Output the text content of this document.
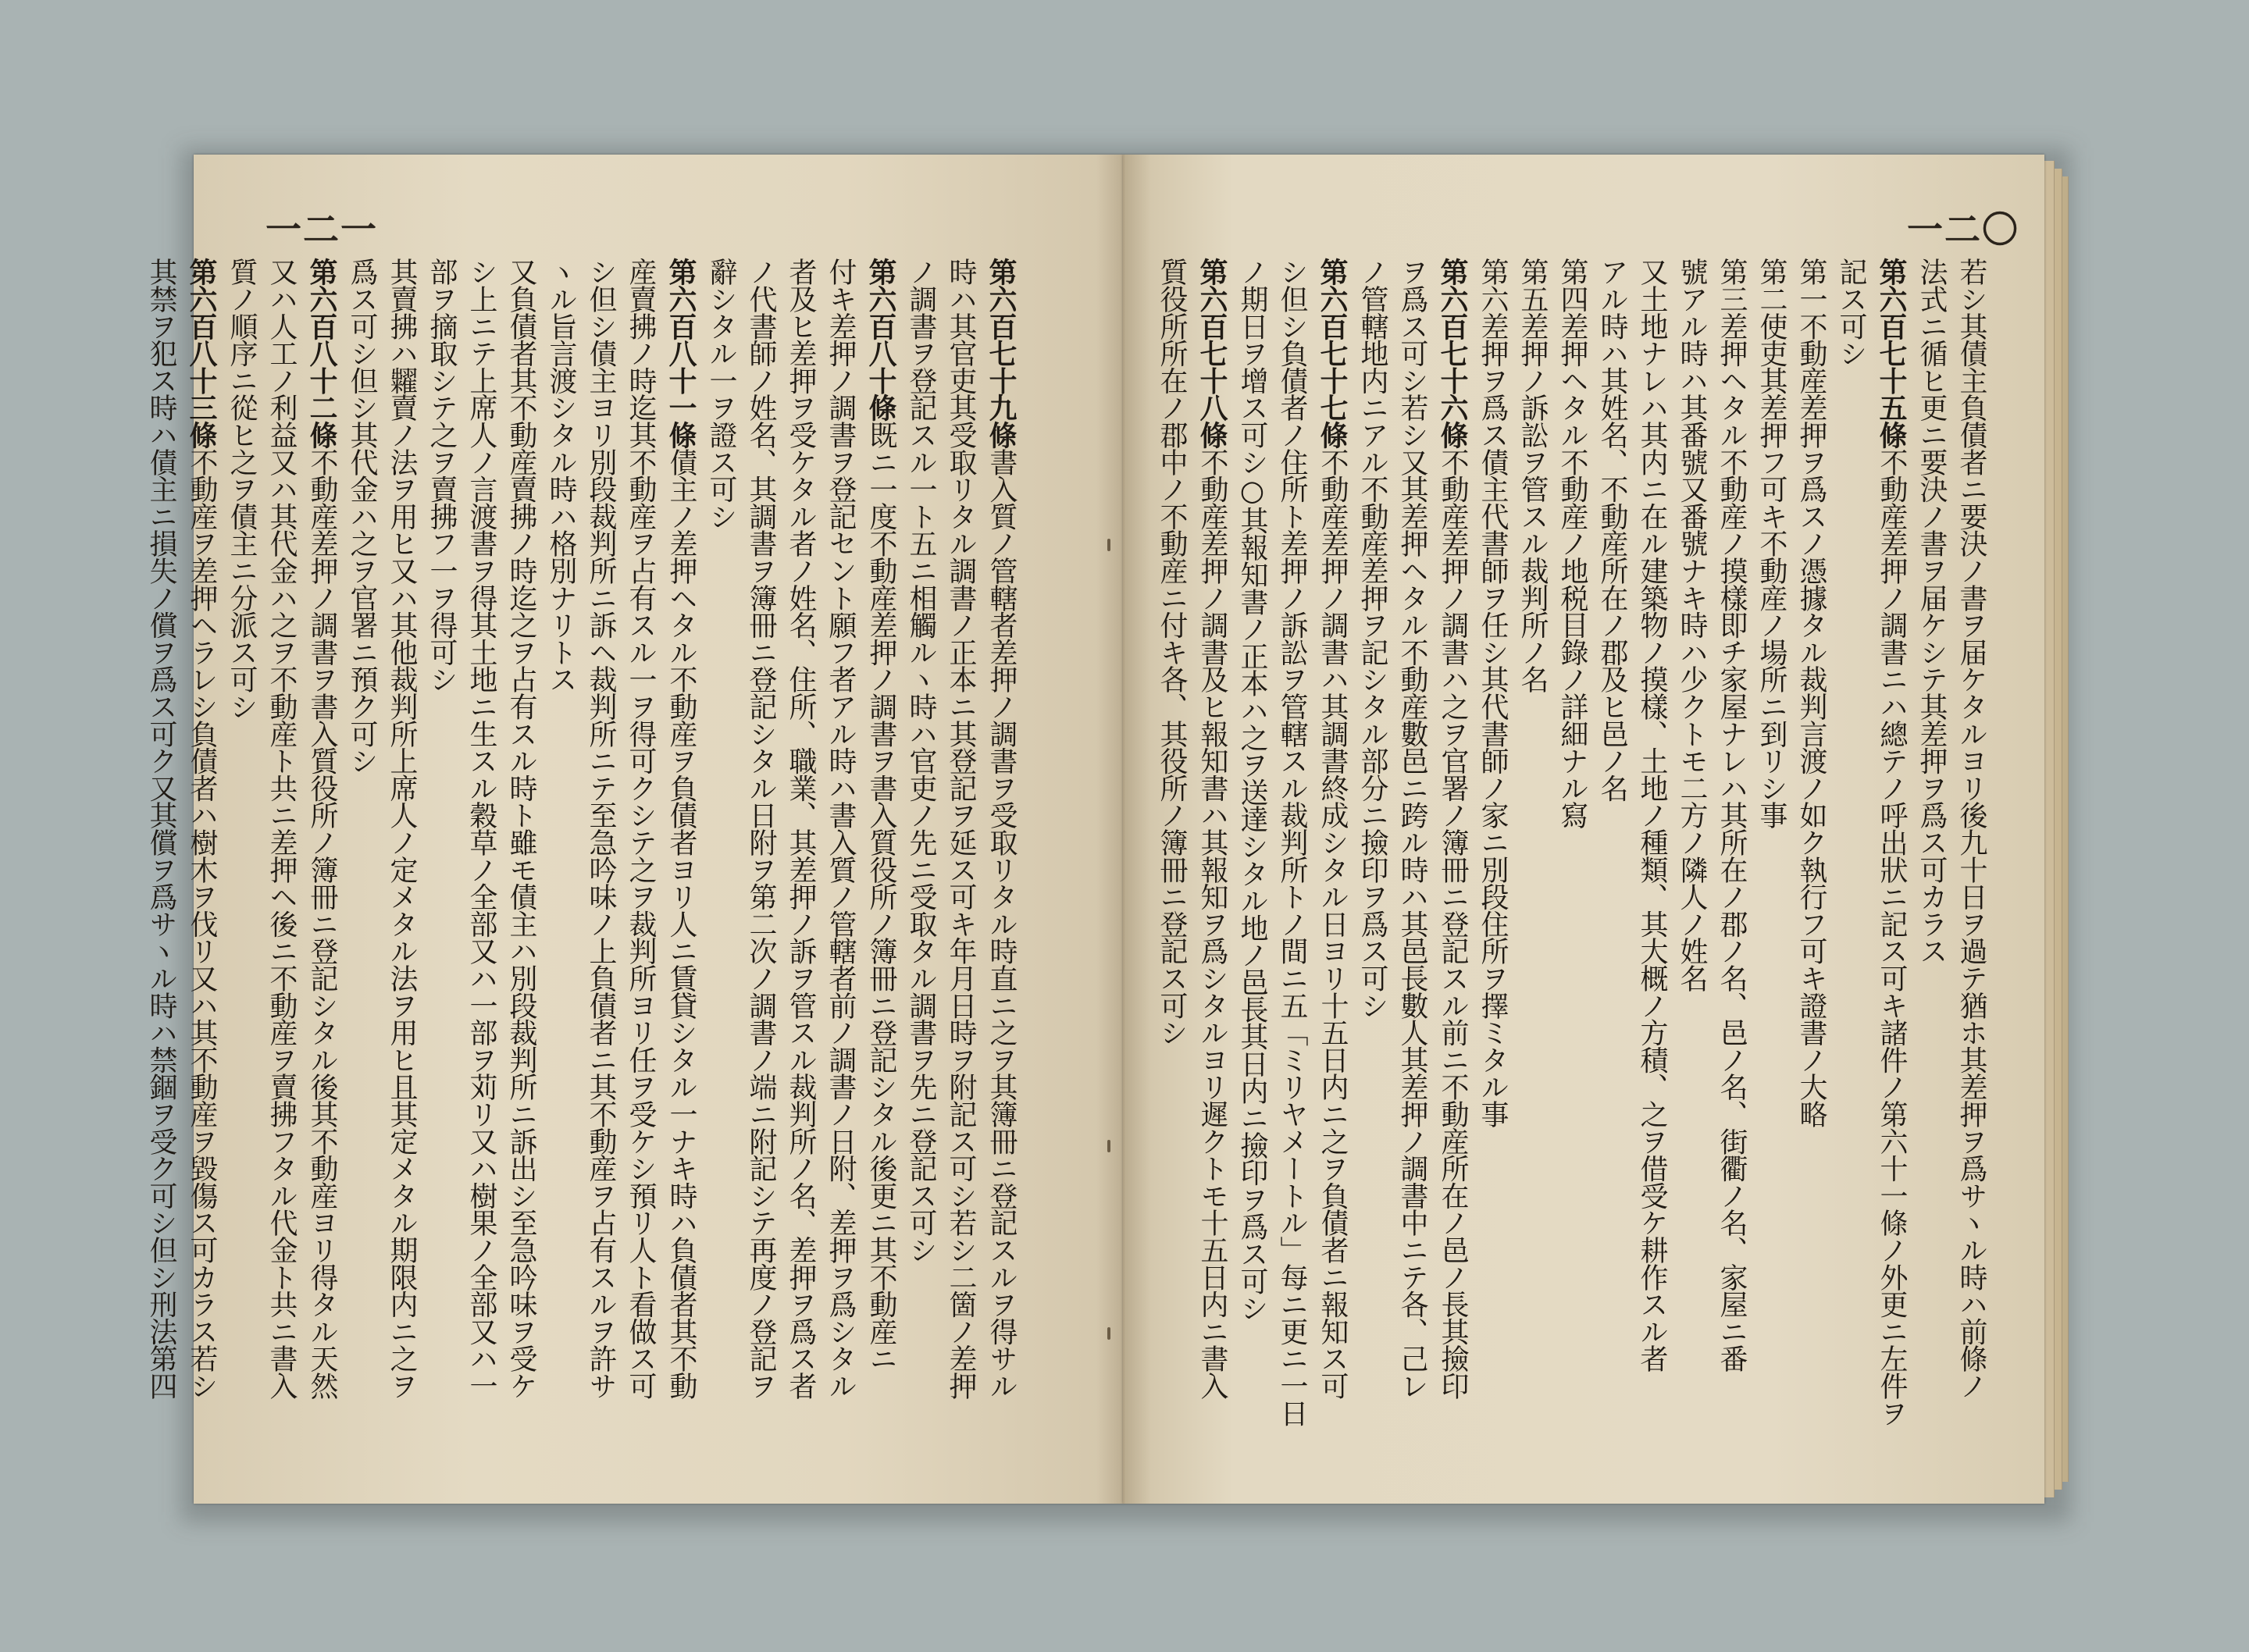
一二一	一二〇
第六百七十九條書入質ノ管轄者差押ノ調書ヲ受取リタル時直ニ之ヲ其簿冊ニ登記スルヲ得サル
時ハ其官吏其受取リタル調書ノ正本ニ其登記ヲ延ス可キ年月日時ヲ附記ス可シ若シ二箇ノ差押
ノ調書ヲ登記スル一ト五ニ相觸ルヽ時ハ官吏ノ先ニ受取タル調書ヲ先ニ登記ス可シ
第六百八十條既ニ一度不動産差押ノ調書ヲ書入質役所ノ簿冊ニ登記シタル後更ニ其不動産ニ
付キ差押ノ調書ヲ登記セント願フ者アル時ハ書入質ノ管轄者前ノ調書ノ日附、差押ヲ爲シタル
者及ヒ差押ヲ受ケタル者ノ姓名、住所、職業、其差押ノ訴ヲ管スル裁判所ノ名、差押ヲ爲ス者
ノ代書師ノ姓名、其調書ヲ簿冊ニ登記シタル日附ヲ第二次ノ調書ノ端ニ附記シテ再度ノ登記ヲ
辭シタル一ヲ證ス可シ
第六百八十一條債主ノ差押ヘタル不動産ヲ負債者ヨリ人ニ賃貸シタル一ナキ時ハ負債者其不動
産賣拂ノ時迄其不動産ヲ占有スル一ヲ得可クシテ之ヲ裁判所ヨリ任ヲ受ケシ預リ人ト看做ス可
シ但シ債主ヨリ別段裁判所ニ訴ヘ裁判所ニテ至急吟味ノ上負債者ニ其不動産ヲ占有スルヲ許サ
ヽル旨言渡シタル時ハ格別ナリトス
又負債者其不動産賣拂ノ時迄之ヲ占有スル時ト雖モ債主ハ別段裁判所ニ訴出シ至急吟味ヲ受ケ
シ上ニテ上席人ノ言渡書ヲ得其土地ニ生スル穀草ノ全部又ハ一部ヲ苅リ又ハ樹果ノ全部又ハ一
部ヲ摘取シテ之ヲ賣拂フ一ヲ得可シ
其賣拂ハ糶賣ノ法ヲ用ヒ又ハ其他裁判所上席人ノ定メタル法ヲ用ヒ且其定メタル期限内ニ之ヲ
爲ス可シ但シ其代金ハ之ヲ官署ニ預ク可シ
第六百八十二條不動産差押ノ調書ヲ書入質役所ノ簿冊ニ登記シタル後其不動産ヨリ得タル天然
又ハ人工ノ利益又ハ其代金ハ之ヲ不動産ト共ニ差押ヘ後ニ不動産ヲ賣拂フタル代金ト共ニ書入
質ノ順序ニ從ヒ之ヲ債主ニ分派ス可シ
第六百八十三條不動産ヲ差押ヘラレシ負債者ハ樹木ヲ伐リ又ハ其不動産ヲ毀傷ス可カラス若シ
其禁ヲ犯ス時ハ債主ニ損失ノ償ヲ爲ス可ク又其償ヲ爲サヽル時ハ禁錮ヲ受ク可シ但シ刑法第四	若シ其債主負債者ニ要決ノ書ヲ届ケタルヨリ後九十日ヲ過テ猶ホ其差押ヲ爲サヽル時ハ前條ノ
法式ニ循ヒ更ニ要決ノ書ヲ届ケシテ其差押ヲ爲ス可カラス
第六百七十五條不動産差押ノ調書ニハ總テノ呼出狀ニ記ス可キ諸件ノ第六十一條ノ外更ニ左件ヲ
記ス可シ
第一不動産差押ヲ爲スノ憑據タル裁判言渡ノ如ク執行フ可キ證書ノ大略
第二使吏其差押フ可キ不動産ノ場所ニ到リシ事
第三差押ヘタル不動産ノ摸樣即チ家屋ナレハ其所在ノ郡ノ名、邑ノ名、街衢ノ名、家屋ニ番
號アル時ハ其番號又番號ナキ時ハ少クトモ二方ノ隣人ノ姓名
又土地ナレハ其内ニ在ル建築物ノ摸樣、土地ノ種類、其大概ノ方積、之ヲ借受ケ耕作スル者
アル時ハ其姓名、不動産所在ノ郡及ヒ邑ノ名
第四差押ヘタル不動産ノ地税目錄ノ詳細ナル寫
第五差押ノ訴訟ヲ管スル裁判所ノ名
第六差押ヲ爲ス債主代書師ヲ任シ其代書師ノ家ニ別段住所ヲ擇ミタル事
第六百七十六條不動産差押ノ調書ハ之ヲ官署ノ簿冊ニ登記スル前ニ不動産所在ノ邑ノ長其撿印
ヲ爲ス可シ若シ又其差押ヘタル不動産數邑ニ跨ル時ハ其邑長數人其差押ノ調書中ニテ各、己レ
ノ管轄地内ニアル不動産差押ヲ記シタル部分ニ撿印ヲ爲ス可シ
第六百七十七條不動産差押ノ調書ハ其調書終成シタル日ヨリ十五日内ニ之ヲ負債者ニ報知ス可
シ但シ負債者ノ住所ト差押ノ訴訟ヲ管轄スル裁判所トノ間ニ五「ミリヤメートル」每ニ更ニ一日
ノ期日ヲ增ス可シ○其報知書ノ正本ハ之ヲ送達シタル地ノ邑長其日内ニ撿印ヲ爲ス可シ
第六百七十八條不動産差押ノ調書及ヒ報知書ハ其報知ヲ爲シタルヨリ遲クトモ十五日内ニ書入
質役所所在ノ郡中ノ不動産ニ付キ各、其役所ノ簿冊ニ登記ス可シ
